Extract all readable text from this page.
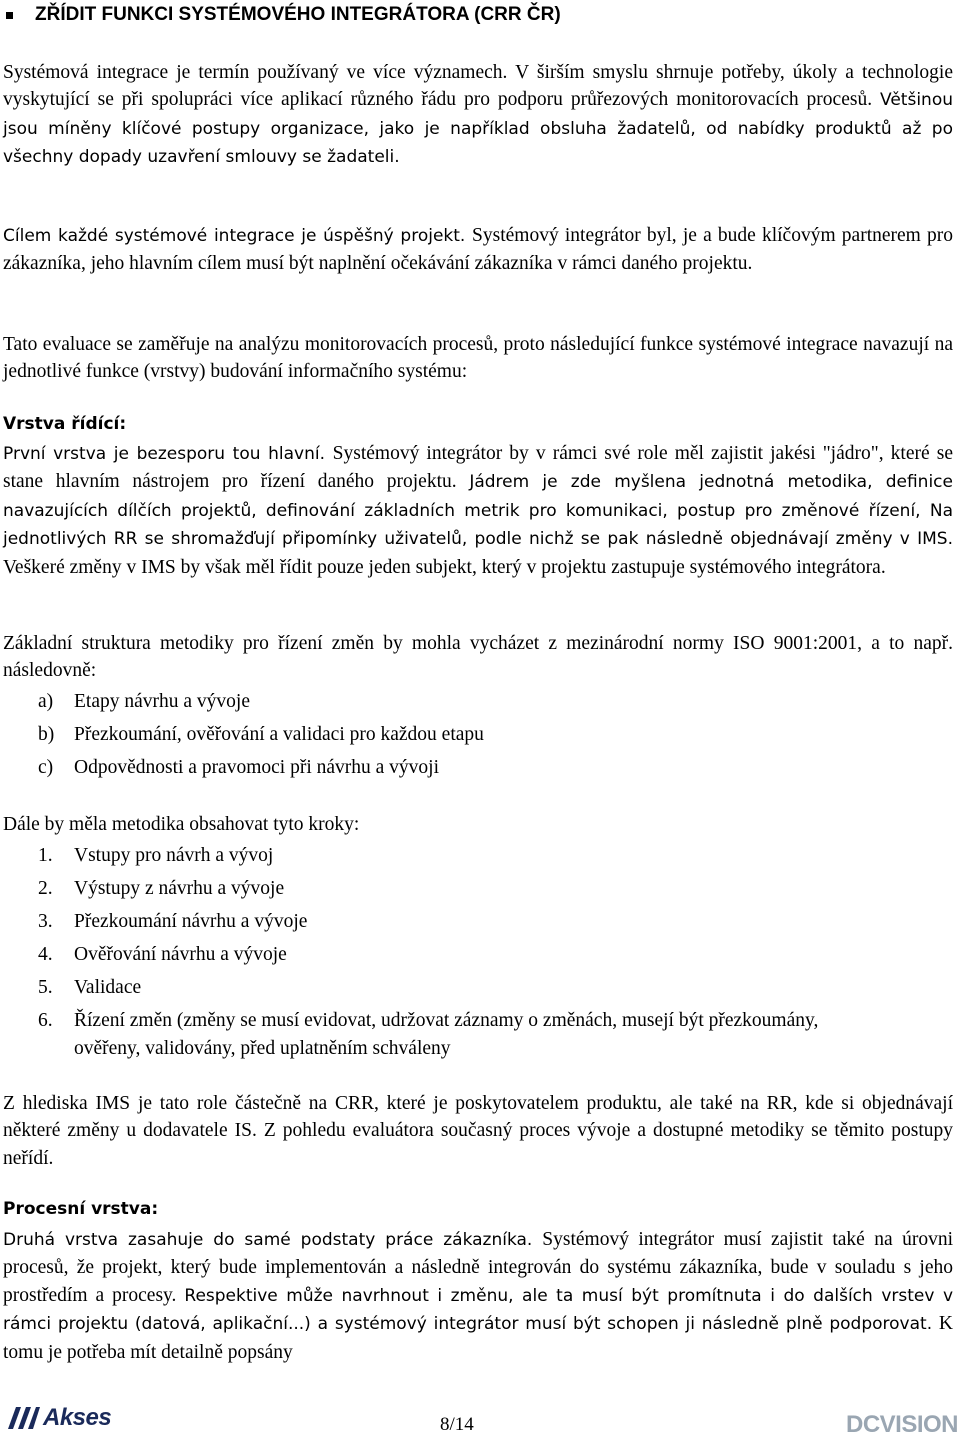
ZŘÍDIT FUNKCI SYSTÉMOVÉHO INTEGRÁTORA (CRR ČR)

Systémová integrace je termín používaný ve více významech. V širším smyslu shrnuje potřeby, úkoly a technologie vyskytující se při spolupráci více aplikací různého řádu pro podporu průřezových monitorovacích procesů. Většinou jsou míněny klíčové postupy organizace, jako je například obsluha žadatelů, od nabídky produktů až po všechny dopady uzavření smlouvy se žadateli.

Cílem každé systémové integrace je úspěšný projekt. Systémový integrátor byl, je a bude klíčovým partnerem pro zákazníka, jeho hlavním cílem musí být naplnění očekávání zákazníka v rámci daného projektu.

Tato evaluace se zaměřuje na analýzu monitorovacích procesů, proto následující funkce systémové integrace navazují na jednotlivé funkce (vrstvy) budování informačního systému:

Vrstva řídící:

První vrstva je bezesporu tou hlavní. Systémový integrátor by v rámci své role měl zajistit jakési "jádro", které se stane hlavním nástrojem pro řízení daného projektu. Jádrem je zde myšlena jednotná metodika, definice navazujících dílčích projektů, definování základních metrik pro komunikaci, postup pro změnové řízení, Na jednotlivých RR se shromažďují připomínky uživatelů, podle nichž se pak následně objednávají změny v IMS. Veškeré změny v IMS by však měl řídit pouze jeden subjekt, který v projektu zastupuje systémového integrátora.

Základní struktura metodiky pro řízení změn by mohla vycházet z mezinárodní normy ISO 9001:2001, a to např. následovně:

a)	Etapy návrhu a vývoje
b)	Přezkoumání, ověřování a validaci pro každou etapu
c)	Odpovědnosti a pravomoci při návrhu a vývoji

Dále by měla metodika obsahovat tyto kroky:

1.	Vstupy pro návrh a vývoj
2.	Výstupy z návrhu a vývoje
3.	Přezkoumání návrhu a vývoje
4.	Ověřování návrhu a vývoje
5.	Validace
6.	Řízení změn (změny se musí evidovat, udržovat záznamy o změnách, musejí být přezkoumány, ověřeny, validovány, před uplatněním schváleny

Z hlediska IMS je tato role částečně na CRR, které je poskytovatelem produktu, ale také na RR, kde si objednávají některé změny u dodavatele IS. Z pohledu evaluátora současný proces vývoje a dostupné metodiky se těmito postupy neřídí.

Procesní vrstva:

Druhá vrstva zasahuje do samé podstaty práce zákazníka. Systémový integrátor musí zajistit také na úrovni procesů, že projekt, který bude implementován a následně integrován do systému zákazníka, bude v souladu s jeho prostředím a procesy. Respektive může navrhnout i změnu, ale ta musí být promítnuta i do dalších vrstev v rámci projektu (datová, aplikační...) a systémový integrátor musí být schopen ji následně plně podporovat. K tomu je potřeba mít detailně popsány

Akses	8/14	DCVISION
